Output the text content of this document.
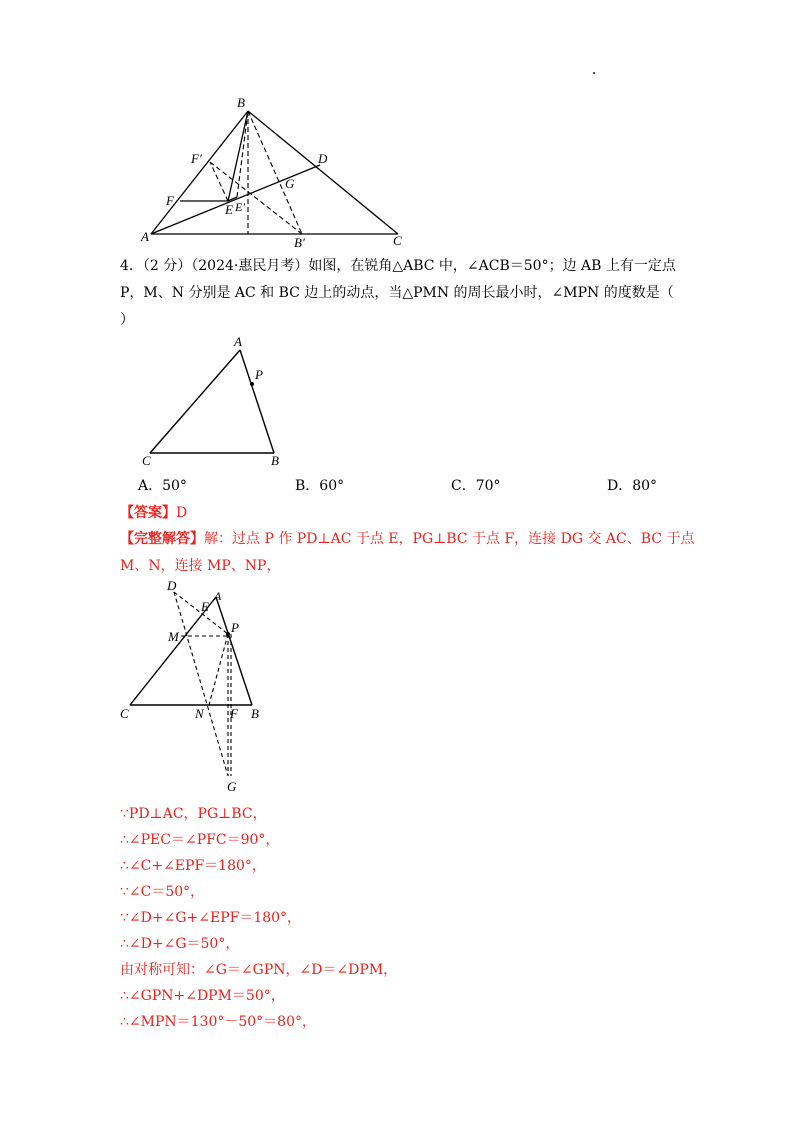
B
F′	D
G
F
E E′
A	B′	C
4．（2 分）（2024·惠民月考）如图，在锐角△ABC 中，∠ACB＝50°；边 AB 上有一定点
P，M、N 分别是 AC 和 BC 边上的动点，当△PMN 的周长最小时，∠MPN 的度数是（
）
A
P
C	B
A．50°	B．60°	C．70°	D．80°
【答案】D
【完整解答】解：过点 P 作 PD⊥AC 于点 E，PG⊥BC 于点 F，连接 DG 交 AC、BC 于点
M、N，连接 MP、NP，
D
E
A
M
P
C	N F B
G
∵PD⊥AC，PG⊥BC，
∴∠PEC＝∠PFC＝90°，
∴∠C+∠EPF＝180°，
∵∠C＝50°，
∵∠D+∠G+∠EPF＝180°，
∴∠D+∠G＝50°，
由对称可知：∠G＝∠GPN，∠D＝∠DPM，
∴∠GPN+∠DPM＝50°，
∴∠MPN＝130°－50°＝80°，
